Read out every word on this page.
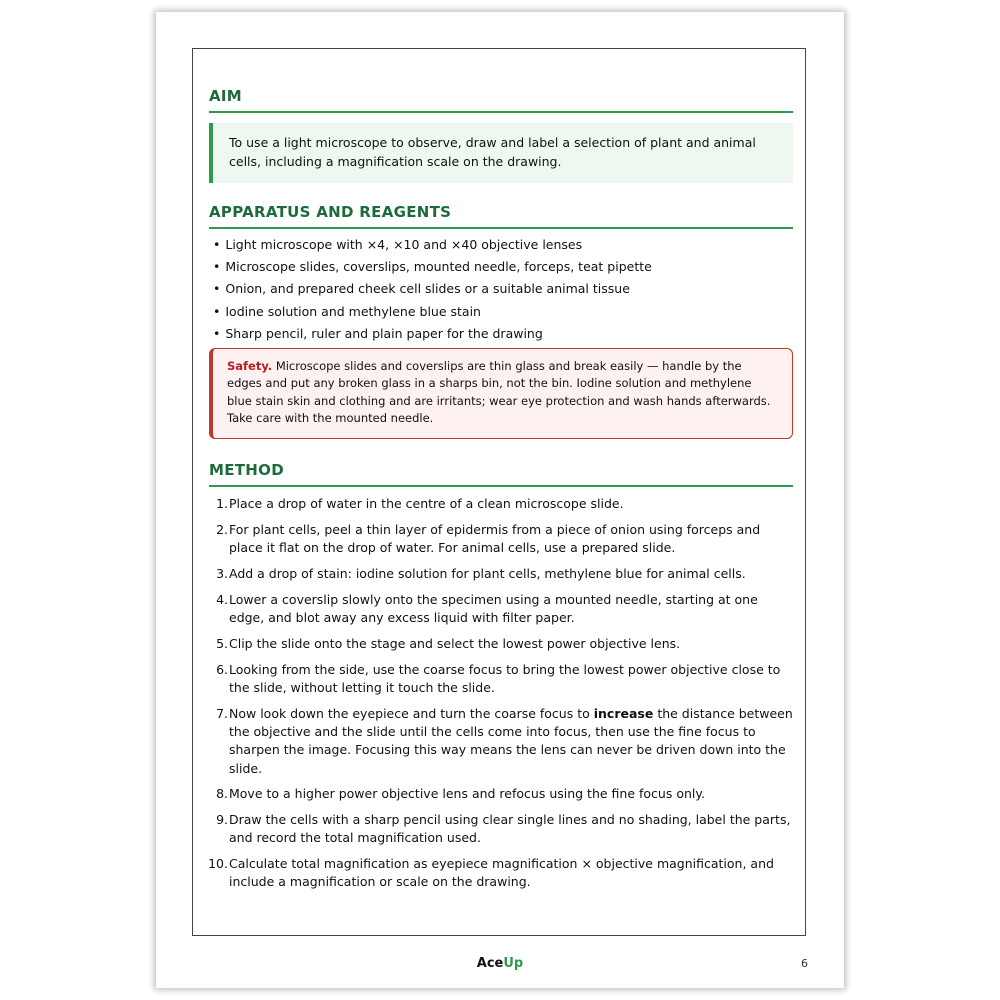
AIM
To use a light microscope to observe, draw and label a selection of plant and animal cells, including a magnification scale on the drawing.
APPARATUS AND REAGENTS
• Light microscope with ×4, ×10 and ×40 objective lenses
• Microscope slides, coverslips, mounted needle, forceps, teat pipette
• Onion, and prepared cheek cell slides or a suitable animal tissue
• Iodine solution and methylene blue stain
• Sharp pencil, ruler and plain paper for the drawing
Safety. Microscope slides and coverslips are thin glass and break easily — handle by the edges and put any broken glass in a sharps bin, not the bin. Iodine solution and methylene blue stain skin and clothing and are irritants; wear eye protection and wash hands afterwards. Take care with the mounted needle.
METHOD
1. Place a drop of water in the centre of a clean microscope slide.
2. For plant cells, peel a thin layer of epidermis from a piece of onion using forceps and place it flat on the drop of water. For animal cells, use a prepared slide.
3. Add a drop of stain: iodine solution for plant cells, methylene blue for animal cells.
4. Lower a coverslip slowly onto the specimen using a mounted needle, starting at one edge, and blot away any excess liquid with filter paper.
5. Clip the slide onto the stage and select the lowest power objective lens.
6. Looking from the side, use the coarse focus to bring the lowest power objective close to the slide, without letting it touch the slide.
7. Now look down the eyepiece and turn the coarse focus to increase the distance between the objective and the slide until the cells come into focus, then use the fine focus to sharpen the image. Focusing this way means the lens can never be driven down into the slide.
8. Move to a higher power objective lens and refocus using the fine focus only.
9. Draw the cells with a sharp pencil using clear single lines and no shading, label the parts, and record the total magnification used.
10. Calculate total magnification as eyepiece magnification × objective magnification, and include a magnification or scale on the drawing.
AceUp	6
